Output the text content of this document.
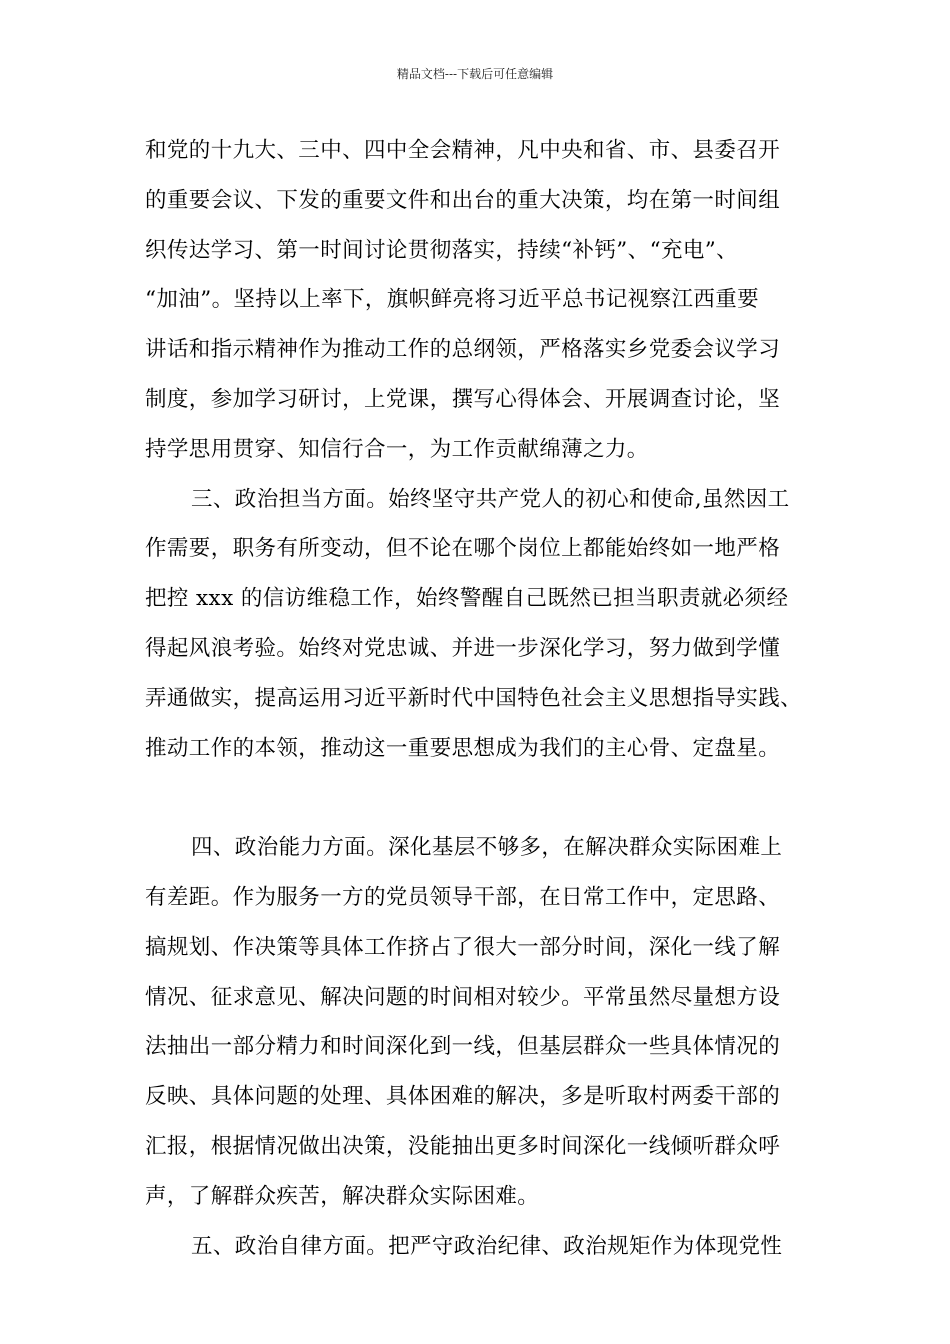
精品文档---下载后可任意编辑
和党的十九大、三中、四中全会精神，凡中央和省、市、县委召开
的重要会议、下发的重要文件和出台的重大决策，均在第一时间组
织传达学习、第一时间讨论贯彻落实，持续“补钙”、“充电”、
“加油”。坚持以上率下，旗帜鲜亮将习近平总书记视察江西重要
讲话和指示精神作为推动工作的总纲领，严格落实乡党委会议学习
制度，参加学习研讨，上党课，撰写心得体会、开展调查讨论，坚
持学思用贯穿、知信行合一，为工作贡献绵薄之力。
三、政治担当方面。始终坚守共产党人的初心和使命,虽然因工
作需要，职务有所变动，但不论在哪个岗位上都能始终如一地严格
把控 xxx 的信访维稳工作，始终警醒自己既然已担当职责就必须经
得起风浪考验。始终对党忠诚、并进一步深化学习，努力做到学懂
弄通做实，提高运用习近平新时代中国特色社会主义思想指导实践、
推动工作的本领，推动这一重要思想成为我们的主心骨、定盘星。
四、政治能力方面。深化基层不够多，在解决群众实际困难上
有差距。作为服务一方的党员领导干部，在日常工作中，定思路、
搞规划、作决策等具体工作挤占了很大一部分时间，深化一线了解
情况、征求意见、解决问题的时间相对较少。平常虽然尽量想方设
法抽出一部分精力和时间深化到一线，但基层群众一些具体情况的
反映、具体问题的处理、具体困难的解决，多是听取村两委干部的
汇报，根据情况做出决策，没能抽出更多时间深化一线倾听群众呼
声，了解群众疾苦，解决群众实际困难。
五、政治自律方面。把严守政治纪律、政治规矩作为体现党性
